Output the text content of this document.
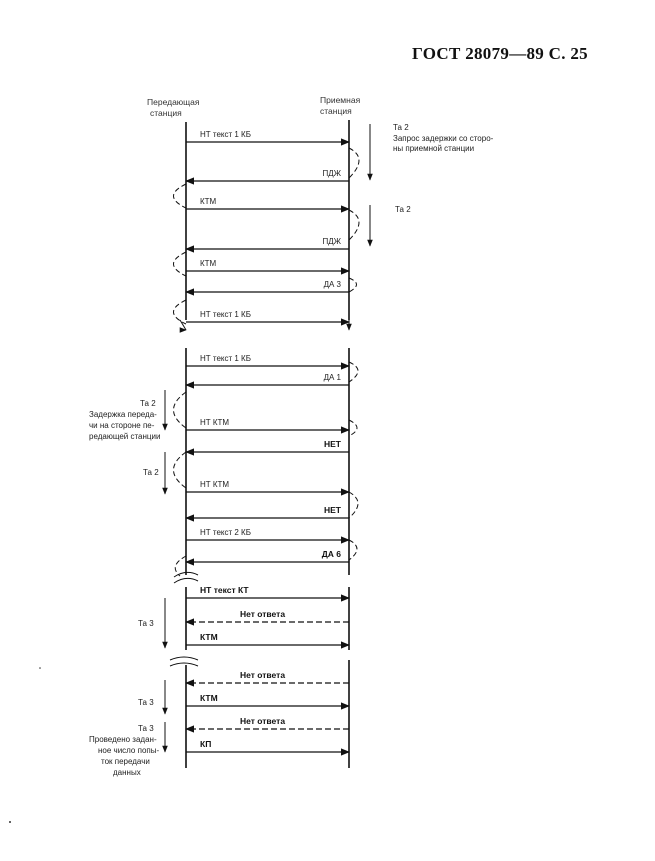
ГОСТ 28079—89 С. 25
Передающая
станция
Приемная
станция
НТ текст 1 КБ
ПДЖ
КТМ
ПДЖ
КТМ
ДА 3
НТ текст 1 КБ
НТ текст 1 КБ
ДА 1
НТ КТМ
НЕТ
НТ КТМ
НЕТ
НТ текст 2 КБ
ДА 6
НТ текст КТ
Нет ответа
КТМ
Нет ответа
КТМ
Нет ответа
КП
Та 2
Запрос задержки со сторо-
ны приемной станции
Та 2
Та 2
Задержка переда-
чи на стороне пе-
редающей станции
Та 2
Та 3
Та 3
Та 3
Проведено задан-
ное число попы-
ток передачи
данных
